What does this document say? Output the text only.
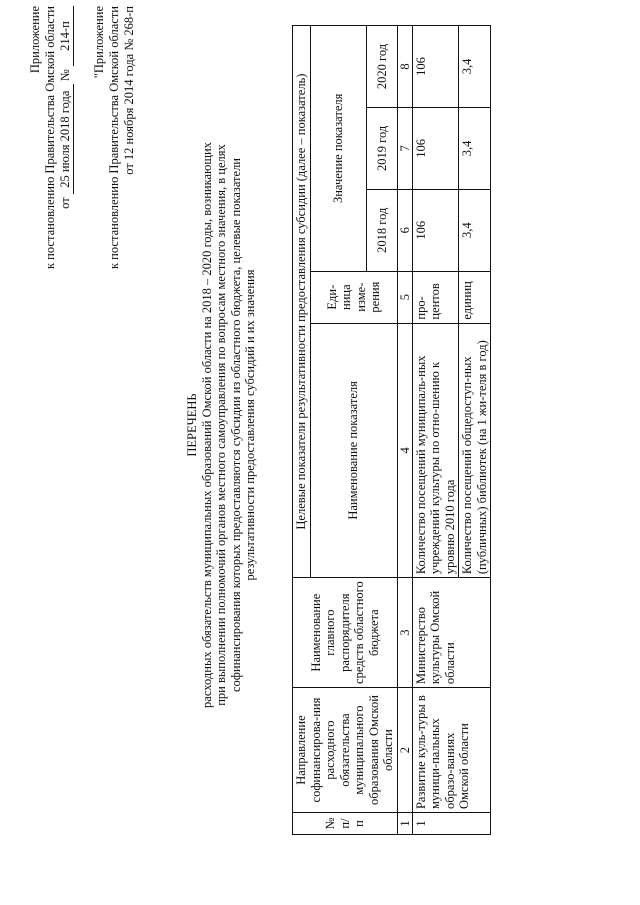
Приложение к постановлению Правительства Омской области от 25 июля 2018 года № 214-п "Приложение к постановлению Правительства Омской области от 12 ноября 2014 года № 268-п
ПЕРЕЧЕНЬ расходных обязательств муниципальных образований Омской области на 2018 – 2020 годы, возникающих при выполнении полномочий органов местного самоуправления по вопросам местного значения, в целях софинансирования которых предоставляются субсидии из областного бюджета, целевые показатели результативности предоставления субсидий и их значения
№ п/п	Направление софинансирова-ния расходного обязательства муниципального образования Омской области	Наименование главного распорядителя средств областного бюджета	Целевые показатели результативности предоставления субсидии (далее – показатель)				
			Наименование показателя	Еди-ница изме-рения	Значение показателя		
					2018 год	2019 год	2020 год
1	2	3	4	5	6	7	8
1	Развитие куль-туры в муници-пальных образо-ваниях Омской области	Министерство культуры Омской области	Количество посещений муниципаль-ных учреждений культуры по отно-шению к уровню 2010 года	про-центов	106	106	106
			Количество посещений общедоступ-ных (публичных) библиотек (на 1 жи-теля в год)	единиц	3,4	3,4	3,4
